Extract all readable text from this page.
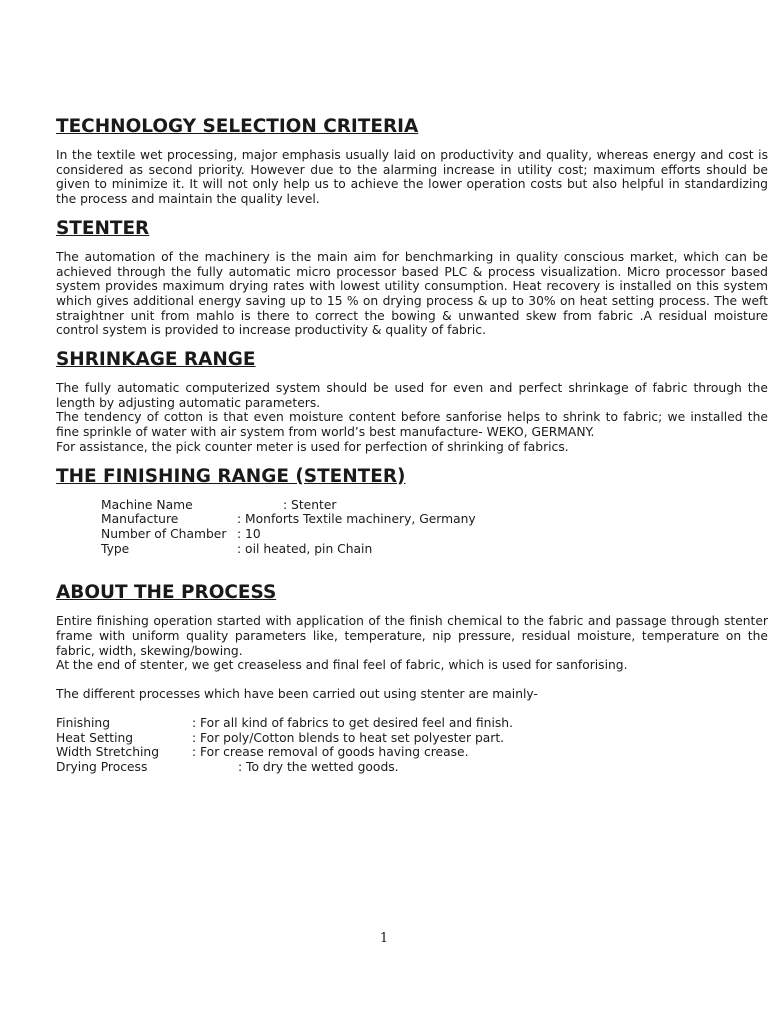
TECHNOLOGY SELECTION CRITERIA

In the textile wet processing, major emphasis usually laid on productivity and quality, whereas energy and cost is considered as second priority. However due to the alarming increase in utility cost; maximum efforts should be given to minimize it. It will not only help us to achieve the lower operation costs but also helpful in standardizing the process and maintain the quality level.

STENTER

The automation of the machinery is the main aim for benchmarking in quality conscious market, which can be achieved through the fully automatic micro processor based PLC & process visualization. Micro processor based system provides maximum drying rates with lowest utility consumption. Heat recovery is installed on this system which gives additional energy saving up to 15 % on drying process & up to 30% on heat setting process. The weft straightner unit from mahlo is there to correct the bowing & unwanted skew from fabric .A residual moisture control system is provided to increase productivity & quality of fabric.

SHRINKAGE RANGE

The fully automatic computerized system should be used for even and perfect shrinkage of fabric through the length by adjusting automatic parameters.

The tendency of cotton is that even moisture content before sanforise helps to shrink to fabric; we installed the fine sprinkle of water with air system from world’s best manufacture- WEKO, GERMANY.

For assistance, the pick counter meter is used for perfection of shrinking of fabrics.

THE FINISHING RANGE (STENTER)
Machine Name	: Stenter
Manufacture	: Monforts Textile machinery, Germany
Number of Chamber : 10
Type	: oil heated, pin Chain
ABOUT THE PROCESS

Entire finishing operation started with application of the finish chemical to the fabric and passage through stenter frame with uniform quality parameters like, temperature, nip pressure, residual moisture, temperature on the fabric, width, skewing/bowing.

At the end of stenter, we get creaseless and final feel of fabric, which is used for sanforising.

The different processes which have been carried out using stenter are mainly-

Finishing	: For all kind of fabrics to get desired feel and finish.
Heat Setting	: For poly/Cotton blends to heat set polyester part.
Width Stretching	: For crease removal of goods having crease.
Drying Process	: To dry the wetted goods.
1
